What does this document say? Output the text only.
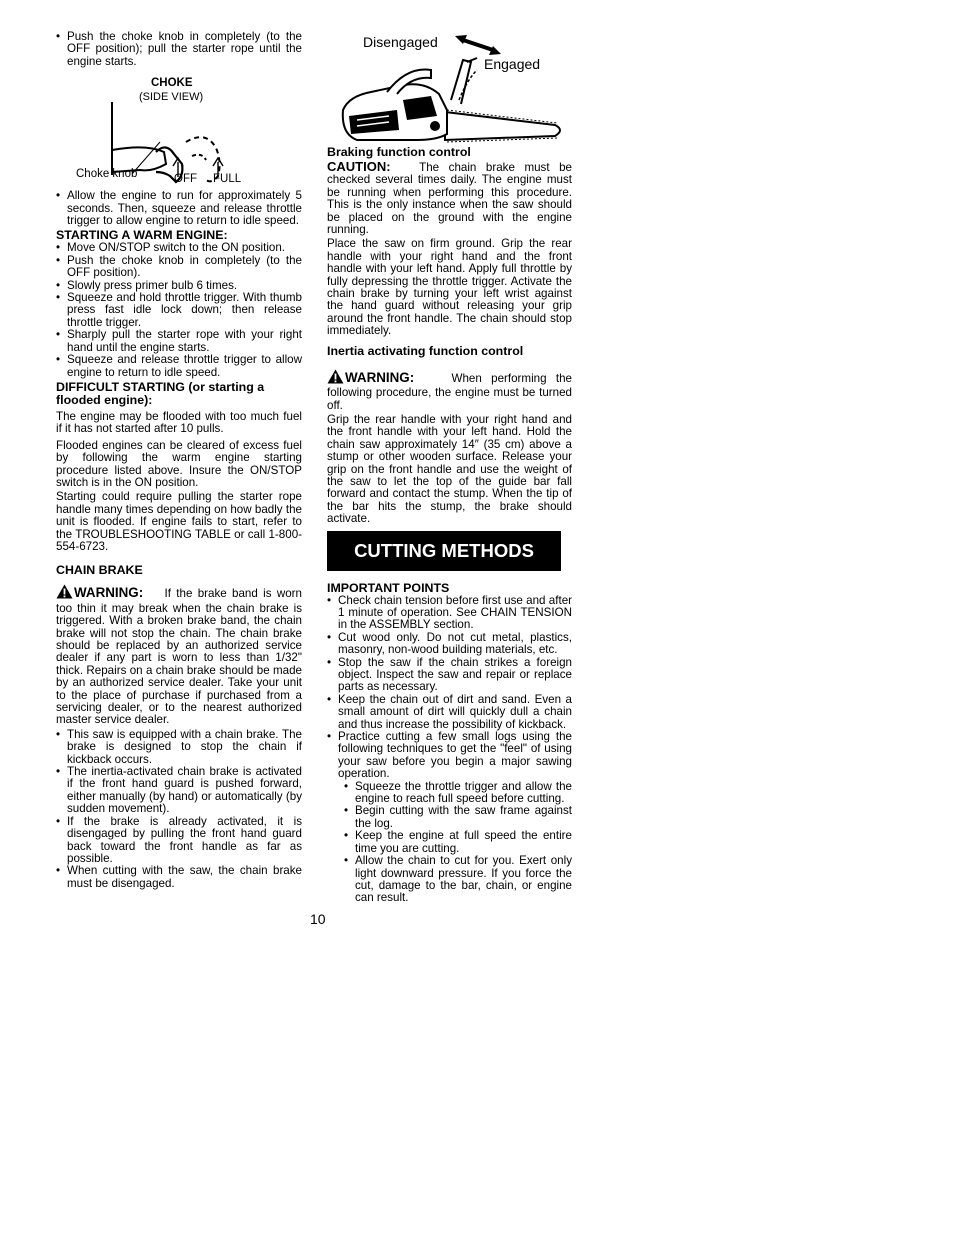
• Push the choke knob in completely (to the OFF position); pull the starter rope until the engine starts.
CHOKE
(SIDE VIEW)
Choke knob	OFF FULL
• Allow the engine to run for approximately 5 seconds. Then, squeeze and release throttle trigger to allow engine to return to idle speed.
STARTING A WARM ENGINE:
• Move ON/STOP switch to the ON position.
• Push the choke knob in completely (to the OFF position).
• Slowly press primer bulb 6 times.
• Squeeze and hold throttle trigger. With thumb press fast idle lock down; then release throttle trigger.
• Sharply pull the starter rope with your right hand until the engine starts.
• Squeeze and release throttle trigger to allow engine to return to idle speed.
DIFFICULT STARTING (or starting a flooded engine):

The engine may be flooded with too much fuel if it has not started after 10 pulls.

Flooded engines can be cleared of excess fuel by following the warm engine starting procedure listed above. Insure the ON/STOP switch is in the ON position.

Starting could require pulling the starter rope handle many times depending on how badly the unit is flooded. If engine fails to start, refer to the TROUBLESHOOTING TABLE or call 1-800-554-6723.

CHAIN BRAKE

WARNING: If the brake band is worn too thin it may break when the chain brake is triggered. With a broken brake band, the chain brake will not stop the chain. The chain brake should be replaced by an authorized service dealer if any part is worn to less than 1/32" thick. Repairs on a chain brake should be made by an authorized service dealer. Take your unit to the place of purchase if purchased from a servicing dealer, or to the nearest authorized master service dealer.

• This saw is equipped with a chain brake. The brake is designed to stop the chain if kickback occurs.
• The inertia-activated chain brake is activated if the front hand guard is pushed forward, either manually (by hand) or automatically (by sudden movement).
• If the brake is already activated, it is disengaged by pulling the front hand guard back toward the front handle as far as possible.
• When cutting with the saw, the chain brake must be disengaged.
Disengaged
Engaged
Braking function control

CAUTION: The chain brake must be checked several times daily. The engine must be running when performing this procedure. This is the only instance when the saw should be placed on the ground with the engine running.

Place the saw on firm ground. Grip the rear handle with your right hand and the front handle with your left hand. Apply full throttle by fully depressing the throttle trigger. Activate the chain brake by turning your left wrist against the hand guard without releasing your grip around the front handle. The chain should stop immediately.

Inertia activating function control

WARNING:	When performing the following procedure, the engine must be turned off.

Grip the rear handle with your right hand and the front handle with your left hand. Hold the chain saw approximately 14″ (35 cm) above a stump or other wooden surface. Release your grip on the front handle and use the weight of the saw to let the top of the guide bar fall forward and contact the stump. When the tip of the bar hits the stump, the brake should activate.

CUTTING METHODS
IMPORTANT POINTS
• Check chain tension before first use and after 1 minute of operation. See CHAIN TENSION in the ASSEMBLY section.
• Cut wood only. Do not cut metal, plastics, masonry, non-wood building materials, etc.
• Stop the saw if the chain strikes a foreign object. Inspect the saw and repair or replace parts as necessary.
• Keep the chain out of dirt and sand. Even a small amount of dirt will quickly dull a chain and thus increase the possibility of kickback.
• Practice cutting a few small logs using the following techniques to get the "feel" of using your saw before you begin a major sawing operation.
• Squeeze the throttle trigger and allow the engine to reach full speed before cutting.
• Begin cutting with the saw frame against the log.
• Keep the engine at full speed the entire time you are cutting.
• Allow the chain to cut for you. Exert only light downward pressure. If you force the cut, damage to the bar, chain, or engine can result.
10
